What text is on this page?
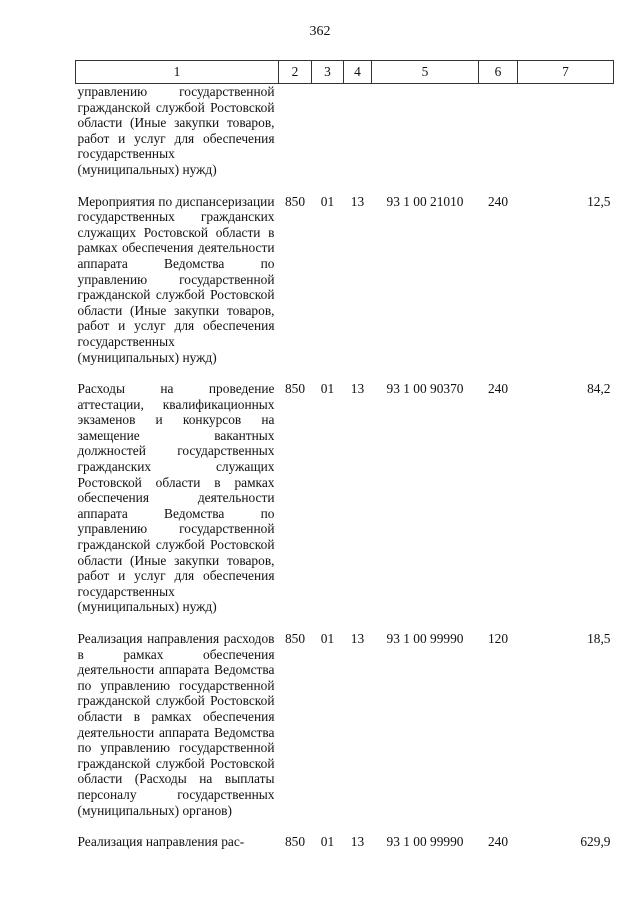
362
1	2	3	4	5	6	7
управлению государственной гражданской службой Ростовской области (Иные закупки товаров, работ и услуг для обеспечения государственных (муниципальных) нужд)						
Мероприятия по диспансеризации государственных гражданских служащих Ростовской области в рамках обеспечения деятельности аппарата Ведомства по управлению государственной гражданской службой Ростовской области (Иные закупки товаров, работ и услуг для обеспечения государственных (муниципальных) нужд)	850	01	13	93 1 00 21010	240	12,5
Расходы на проведение аттестации, квалификационных экзаменов и конкурсов на замещение вакантных должностей государственных гражданских служащих Ростовской области в рамках обеспечения деятельности аппарата Ведомства по управлению государственной гражданской службой Ростовской области (Иные закупки товаров, работ и услуг для обеспечения государственных (муниципальных) нужд)	850	01	13	93 1 00 90370	240	84,2
Реализация направления расходов в рамках обеспечения деятельности аппарата Ведомства по управлению государственной гражданской службой Ростовской области в рамках обеспечения деятельности аппарата Ведомства по управлению государственной гражданской службой Ростовской области (Расходы на выплаты персоналу государственных (муниципальных) органов)	850	01	13	93 1 00 99990	120	18,5
Реализация направления рас-	850	01	13	93 1 00 99990	240	629,9
